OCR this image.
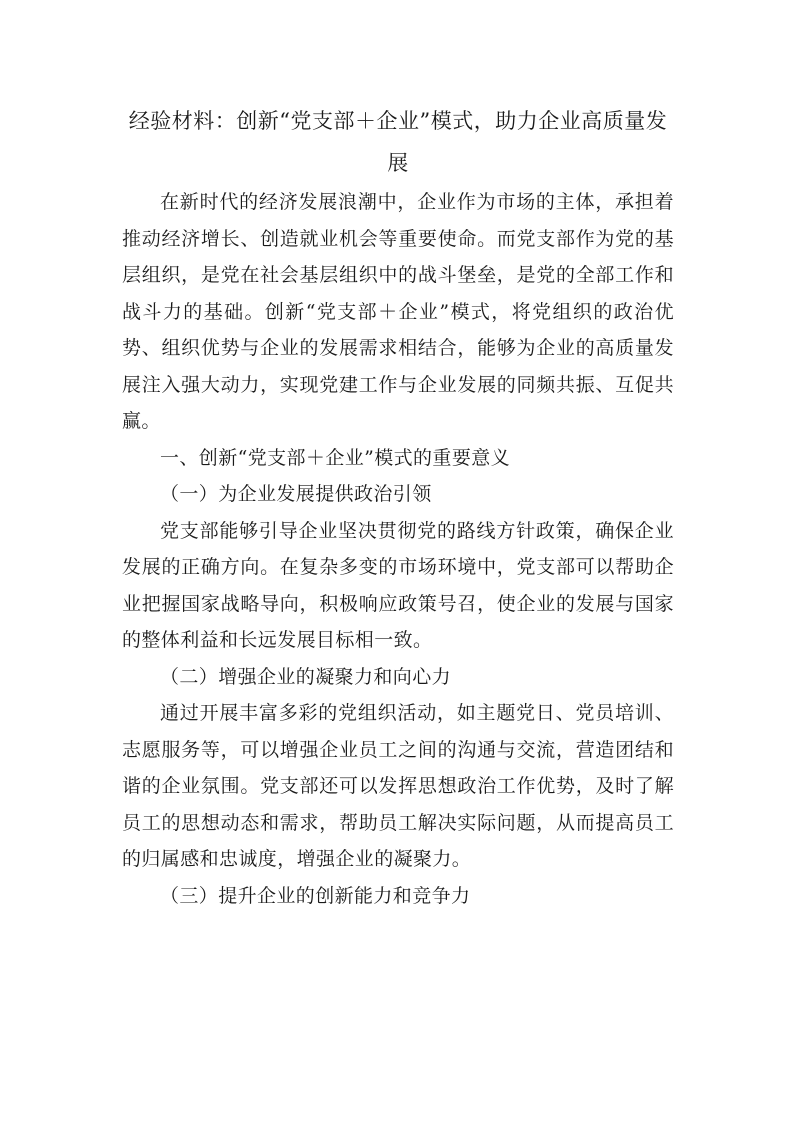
经验材料：创新“党支部＋企业”模式，助力企业高质量发展

在新时代的经济发展浪潮中，企业作为市场的主体，承担着推动经济增长、创造就业机会等重要使命。而党支部作为党的基层组织，是党在社会基层组织中的战斗堡垒，是党的全部工作和战斗力的基础。创新“党支部＋企业”模式，将党组织的政治优势、组织优势与企业的发展需求相结合，能够为企业的高质量发展注入强大动力，实现党建工作与企业发展的同频共振、互促共赢。

一、创新“党支部＋企业”模式的重要意义

（一）为企业发展提供政治引领

党支部能够引导企业坚决贯彻党的路线方针政策，确保企业发展的正确方向。在复杂多变的市场环境中，党支部可以帮助企业把握国家战略导向，积极响应政策号召，使企业的发展与国家的整体利益和长远发展目标相一致。

（二）增强企业的凝聚力和向心力

通过开展丰富多彩的党组织活动，如主题党日、党员培训、志愿服务等，可以增强企业员工之间的沟通与交流，营造团结和谐的企业氛围。党支部还可以发挥思想政治工作优势，及时了解员工的思想动态和需求，帮助员工解决实际问题，从而提高员工的归属感和忠诚度，增强企业的凝聚力。

（三）提升企业的创新能力和竞争力
